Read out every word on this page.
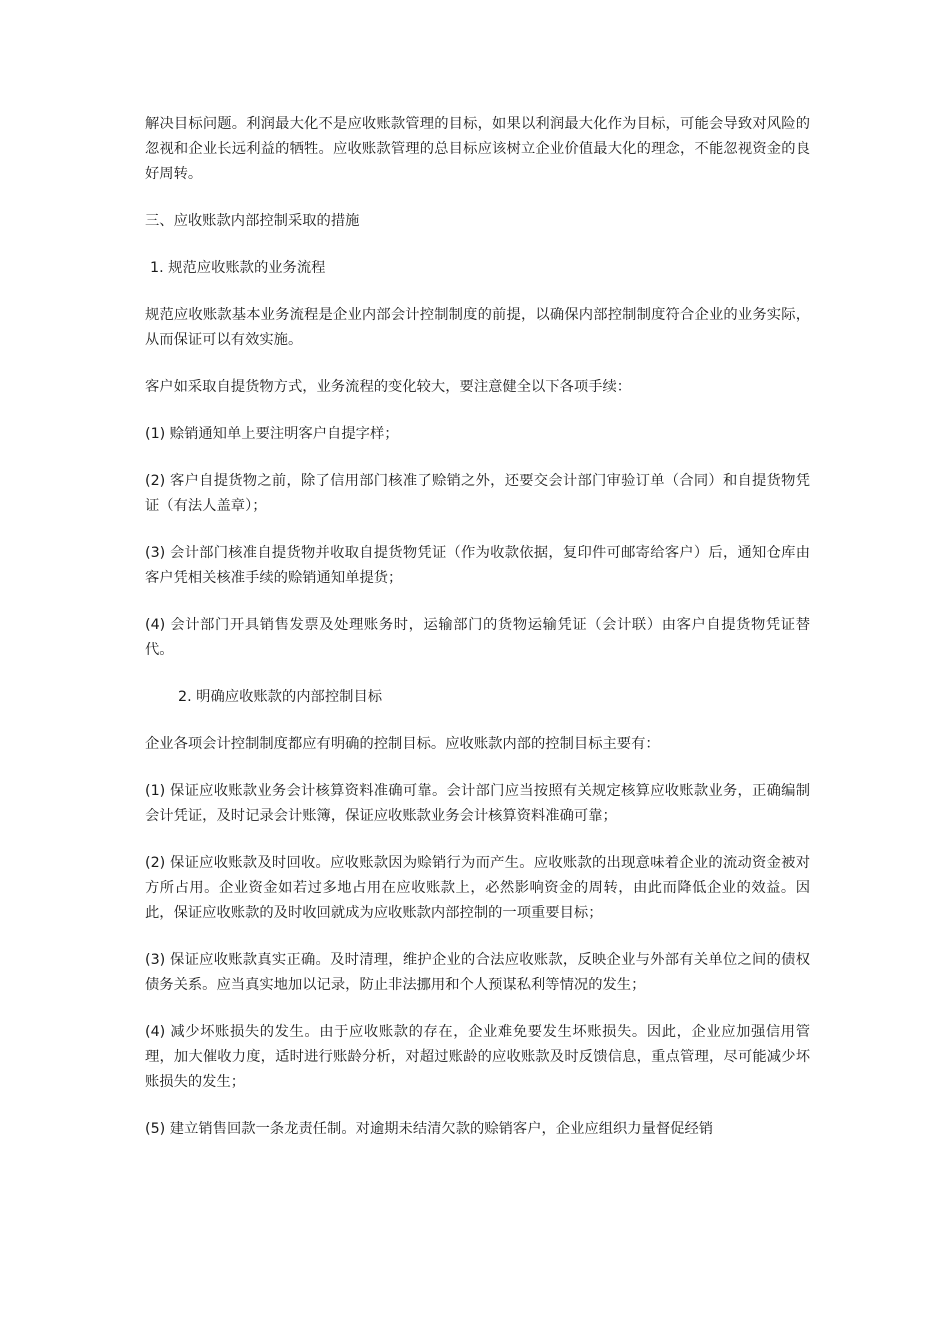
解决目标问题。利润最大化不是应收账款管理的目标，如果以利润最大化作为目标，可能会导致对风险的忽视和企业长远利益的牺牲。应收账款管理的总目标应该树立企业价值最大化的理念，不能忽视资金的良好周转。

三、应收账款内部控制采取的措施

1. 规范应收账款的业务流程

规范应收账款基本业务流程是企业内部会计控制制度的前提，以确保内部控制制度符合企业的业务实际，从而保证可以有效实施。

客户如采取自提货物方式，业务流程的变化较大，要注意健全以下各项手续：

(1) 赊销通知单上要注明客户自提字样；

(2) 客户自提货物之前，除了信用部门核准了赊销之外，还要交会计部门审验订单（合同）和自提货物凭证（有法人盖章）；

(3) 会计部门核准自提货物并收取自提货物凭证（作为收款依据，复印件可邮寄给客户）后，通知仓库由客户凭相关核准手续的赊销通知单提货；

(4) 会计部门开具销售发票及处理账务时，运输部门的货物运输凭证（会计联）由客户自提货物凭证替代。

2. 明确应收账款的内部控制目标

企业各项会计控制制度都应有明确的控制目标。应收账款内部的控制目标主要有：

(1) 保证应收账款业务会计核算资料准确可靠。会计部门应当按照有关规定核算应收账款业务，正确编制会计凭证，及时记录会计账簿，保证应收账款业务会计核算资料准确可靠；

(2) 保证应收账款及时回收。应收账款因为赊销行为而产生。应收账款的出现意味着企业的流动资金被对方所占用。企业资金如若过多地占用在应收账款上，必然影响资金的周转，由此而降低企业的效益。因此，保证应收账款的及时收回就成为应收账款内部控制的一项重要目标；

(3) 保证应收账款真实正确。及时清理，维护企业的合法应收账款，反映企业与外部有关单位之间的债权债务关系。应当真实地加以记录，防止非法挪用和个人预谋私利等情况的发生；

(4) 减少坏账损失的发生。由于应收账款的存在，企业难免要发生坏账损失。因此，企业应加强信用管理，加大催收力度，适时进行账龄分析，对超过账龄的应收账款及时反馈信息，重点管理，尽可能减少坏账损失的发生；

(5) 建立销售回款一条龙责任制。对逾期未结清欠款的赊销客户，企业应组织力量督促经销
